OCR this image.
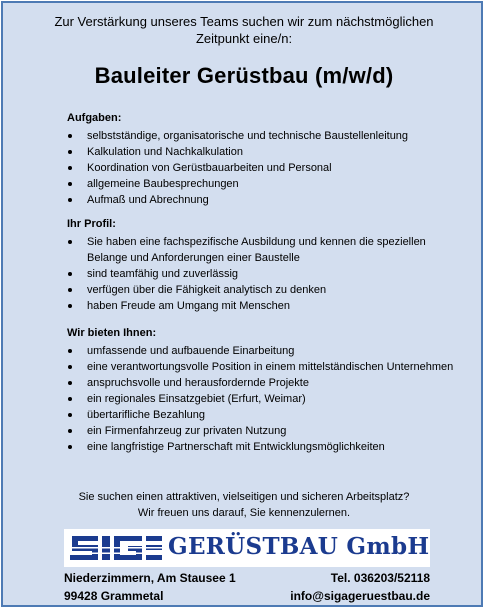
Zur Verstärkung unseres Teams suchen wir zum nächstmöglichen
Zeitpunkt eine/n:
Bauleiter Gerüstbau (m/w/d)
Aufgaben:
selbstständige, organisatorische und technische Baustellenleitung
Kalkulation und Nachkalkulation
Koordination von Gerüstbauarbeiten und Personal
allgemeine Baubesprechungen
Aufmaß und Abrechnung
Ihr Profil:
Sie haben eine fachspezifische Ausbildung und kennen die speziellen Belange und Anforderungen einer Baustelle
sind teamfähig und zuverlässig
verfügen über die Fähigkeit analytisch zu denken
haben Freude am Umgang mit Menschen
Wir bieten Ihnen:
umfassende und aufbauende Einarbeitung
eine verantwortungsvolle Position in einem mittelständischen Unternehmen
anspruchsvolle und herausfordernde Projekte
ein regionales Einsatzgebiet (Erfurt, Weimar)
übertarifliche Bezahlung
ein Firmenfahrzeug zur privaten Nutzung
eine langfristige Partnerschaft mit Entwicklungsmöglichkeiten
Sie suchen einen attraktiven, vielseitigen und sicheren Arbeitsplatz?
Wir freuen uns darauf, Sie kennenzulernen.
GERÜSTBAU GmbH
Niederzimmern, Am Stausee 1
99428 Grammetal
Tel. 036203/52118
info@sigageruestbau.de
